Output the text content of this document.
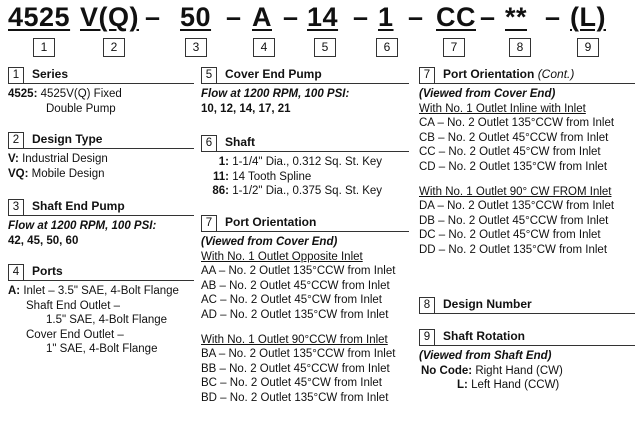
4525 V(Q) – 50 – A – 14 – 1 – CC – ** – (L)
1	2	3	4	5	6	7	8	9
1	Series
4525: 4525V(Q) Fixed
Double Pump
2	Design Type
V: Industrial Design
VQ: Mobile Design
3	Shaft End Pump
Flow at 1200 RPM, 100 PSI:
42, 45, 50, 60
4	Ports
A: Inlet – 3.5" SAE, 4-Bolt Flange
Shaft End Outlet –
1.5" SAE, 4-Bolt Flange
Cover End Outlet –
1" SAE, 4-Bolt Flange
5	Cover End Pump
Flow at 1200 RPM, 100 PSI:
10, 12, 14, 17, 21
6	Shaft
1: 1-1/4" Dia., 0.312 Sq. St. Key
11: 14 Tooth Spline
86: 1-1/2" Dia., 0.375 Sq. St. Key
7	Port Orientation
(Viewed from Cover End)
With No. 1 Outlet Opposite Inlet
AA – No. 2 Outlet 135°CCW from Inlet
AB – No. 2 Outlet 45°CCW from Inlet
AC – No. 2 Outlet 45°CW from Inlet
AD – No. 2 Outlet 135°CW from Inlet
With No. 1 Outlet 90°CCW from Inlet
BA – No. 2 Outlet 135°CCW from Inlet
BB – No. 2 Outlet 45°CCW from Inlet
BC – No. 2 Outlet 45°CW from Inlet
BD – No. 2 Outlet 135°CW from Inlet
7	Port Orientation (Cont.)
(Viewed from Cover End)
With No. 1 Outlet Inline with Inlet
CA – No. 2 Outlet 135°CCW from Inlet
CB – No. 2 Outlet 45°CCW from Inlet
CC – No. 2 Outlet 45°CW from Inlet
CD – No. 2 Outlet 135°CW from Inlet
With No. 1 Outlet 90° CW FROM Inlet
DA – No. 2 Outlet 135°CCW from Inlet
DB – No. 2 Outlet 45°CCW from Inlet
DC – No. 2 Outlet 45°CW from Inlet
DD – No. 2 Outlet 135°CW from Inlet
8	Design Number
9	Shaft Rotation
(Viewed from Shaft End)
No Code: Right Hand (CW)
L: Left Hand (CCW)
